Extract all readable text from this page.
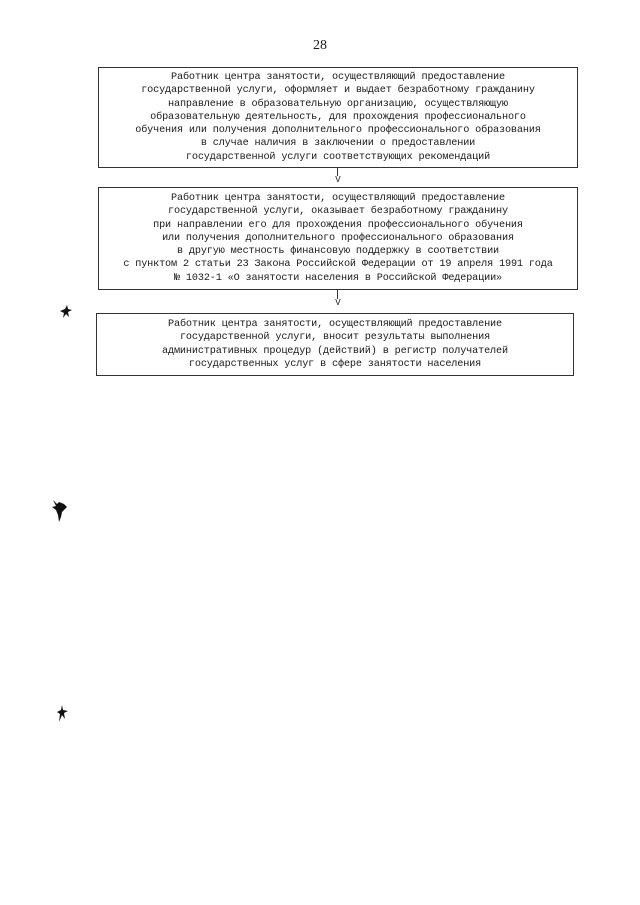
28
Работник центра занятости, осуществляющий предоставление
государственной услуги, оформляет и выдает безработному гражданину
направление в образовательную организацию, осуществляющую
образовательную деятельность, для прохождения профессионального
обучения или получения дополнительного профессионального образования
в случае наличия в заключении о предоставлении
государственной услуги соответствующих рекомендаций
V
Работник центра занятости, осуществляющий предоставление
государственной услуги, оказывает безработному гражданину
при направлении его для прохождения профессионального обучения
или получения дополнительного профессионального образования
в другую местность финансовую поддержку в соответствии
с пунктом 2 статьи 23 Закона Российской Федерации от 19 апреля 1991 года
№ 1032-1 «О занятости населения в Российской Федерации»
V
Работник центра занятости, осуществляющий предоставление
государственной услуги, вносит результаты выполнения
административных процедур (действий) в регистр получателей
государственных услуг в сфере занятости населения
